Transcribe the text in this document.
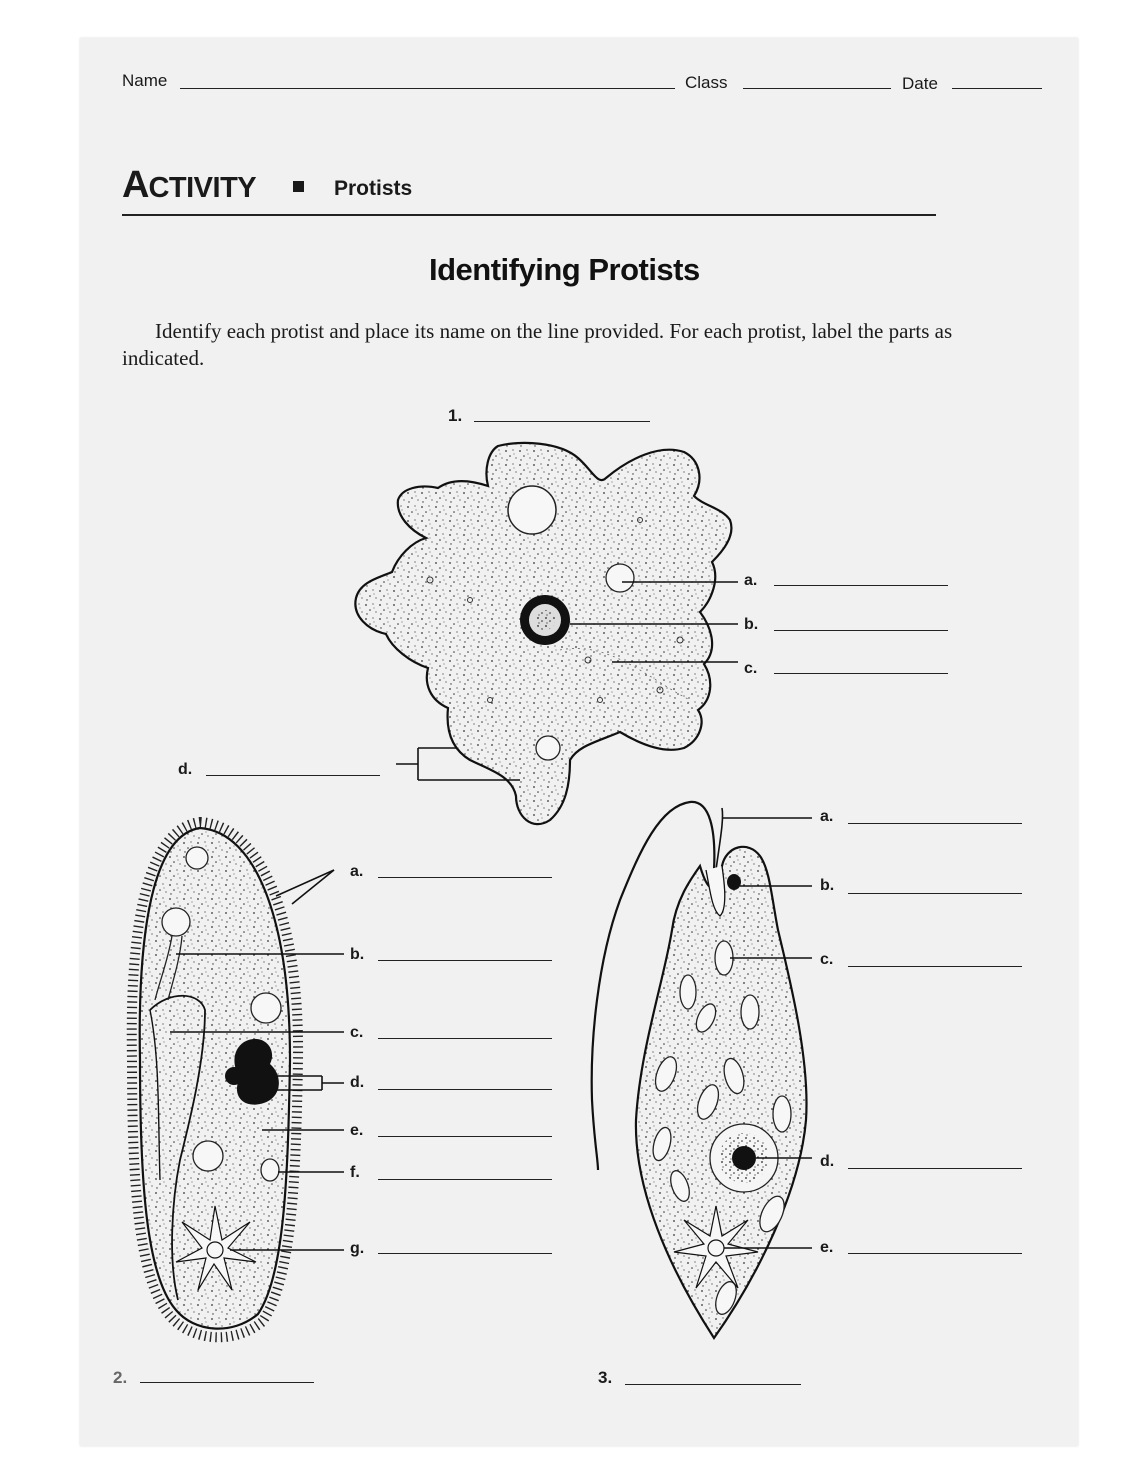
Name	Class	Date
ACTIVITY	Protists
Identifying Protists
Identify each protist and place its name on the line provided. For each protist, label the parts as indicated.
1.
a.
b.
c.
d.
a.
b.
c.
d.
e.
f.
g.
2.
a.
b.
c.
d.
e.
3.
